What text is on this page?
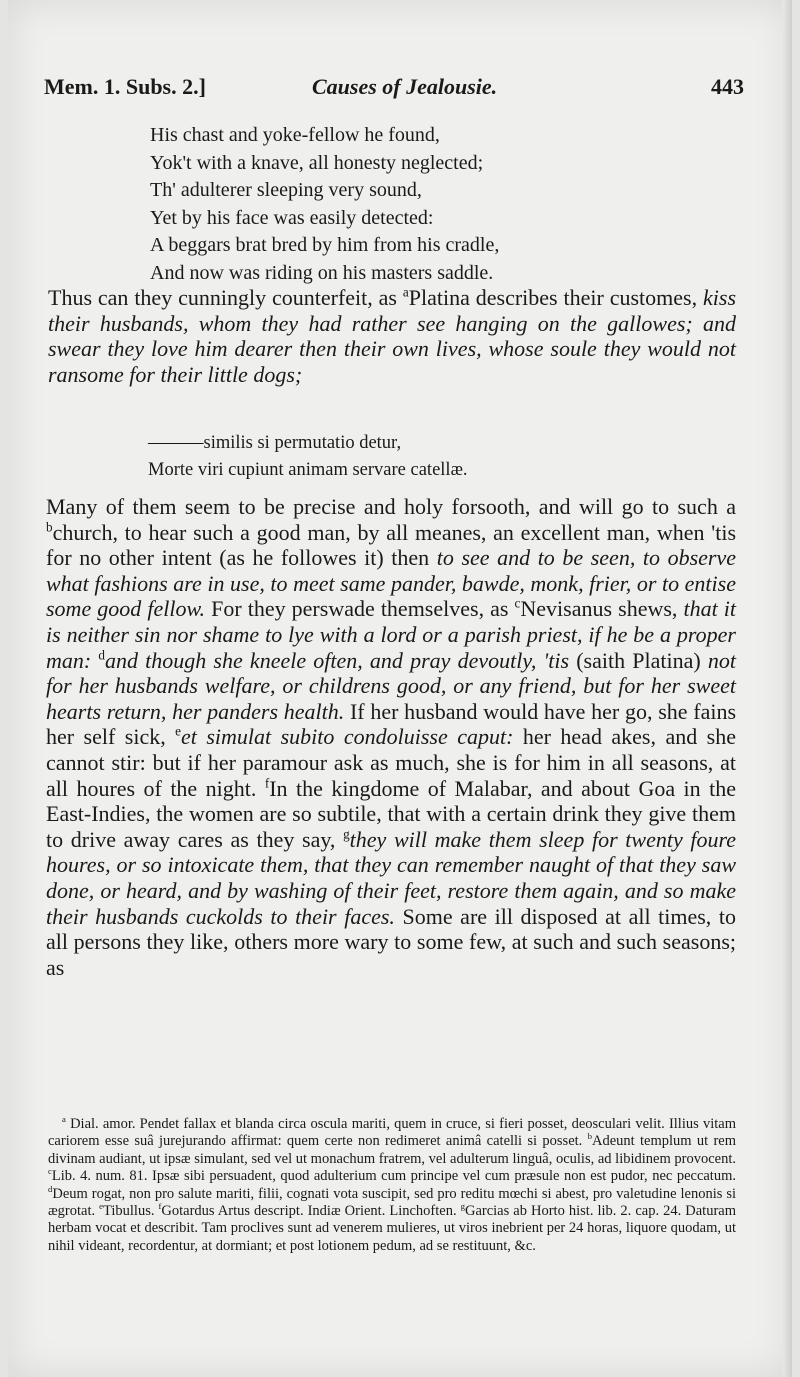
Mem. 1. Subs. 2.]	Causes of Jealousie.	443
His chast and yoke-fellow he found,
Yok't with a knave, all honesty neglected;
Th' adulterer sleeping very sound,
Yet by his face was easily detected:
A beggars brat bred by him from his cradle,
And now was riding on his masters saddle.

Thus can they cunningly counterfeit, as $^a$Platina describes their customes, kiss their husbands, whom they had rather see hanging on the gallowes; and swear they love him dearer then their own lives, whose soule they would not ransome for their little dogs;

———similis si permutatio detur,
Morte viri cupiunt animam servare catellæ.

Many of them seem to be precise and holy forsooth, and will go to such a $^b$church, to hear such a good man, by all meanes, an excellent man, when 'tis for no other intent (as he followes it) then to see and to be seen, to observe what fashions are in use, to meet same pander, bawde, monk, frier, or to entise some good fellow. For they perswade themselves, as $^c$Nevisanus shews, that it is neither sin nor shame to lye with a lord or a parish priest, if he be a proper man: $^d$and though she kneele often, and pray devoutly, 'tis (saith Platina) not for her husbands welfare, or childrens good, or any friend, but for her sweet hearts return, her panders health. If her husband would have her go, she fains her self sick, $^e$et simulat subito condoluisse caput: her head akes, and she cannot stir: but if her paramour ask as much, she is for him in all seasons, at all houres of the night. $^f$In the kingdome of Malabar, and about Goa in the East-Indies, the women are so subtile, that with a certain drink they give them to drive away cares as they say, $^g$they will make them sleep for twenty foure houres, or so intoxicate them, that they can remember naught of that they saw done, or heard, and by washing of their feet, restore them again, and so make their husbands cuckolds to their faces. Some are ill disposed at all times, to all persons they like, others more wary to some few, at such and such seasons; as

$^a$ Dial. amor. Pendet fallax et blanda circa oscula mariti, quem in cruce, si fieri posset, deosculari velit. Illius vitam cariorem esse suâ jurejurando affirmat: quem certe non redimeret animâ catelli si posset. $^b$Adeunt templum ut rem divinam audiant, ut ipsæ simulant, sed vel ut monachum fratrem, vel adulterum linguâ, oculis, ad libidinem provocent. $^c$Lib. 4. num. 81. Ipsæ sibi persuadent, quod adulterium cum principe vel cum præsule non est pudor, nec peccatum. $^d$Deum rogat, non pro salute mariti, filii, cognati vota suscipit, sed pro reditu mœchi si abest, pro valetudine lenonis si ægrotat. $^e$Tibullus. $^f$Gotardus Artus descript. Indiæ Orient. Linchoften. $^g$Garcias ab Horto hist. lib. 2. cap. 24. Daturam herbam vocat et describit. Tam proclives sunt ad venerem mulieres, ut viros inebrient per 24 horas, liquore quodam, ut nihil videant, recordentur, at dormiant; et post lotionem pedum, ad se restituunt, &c.
